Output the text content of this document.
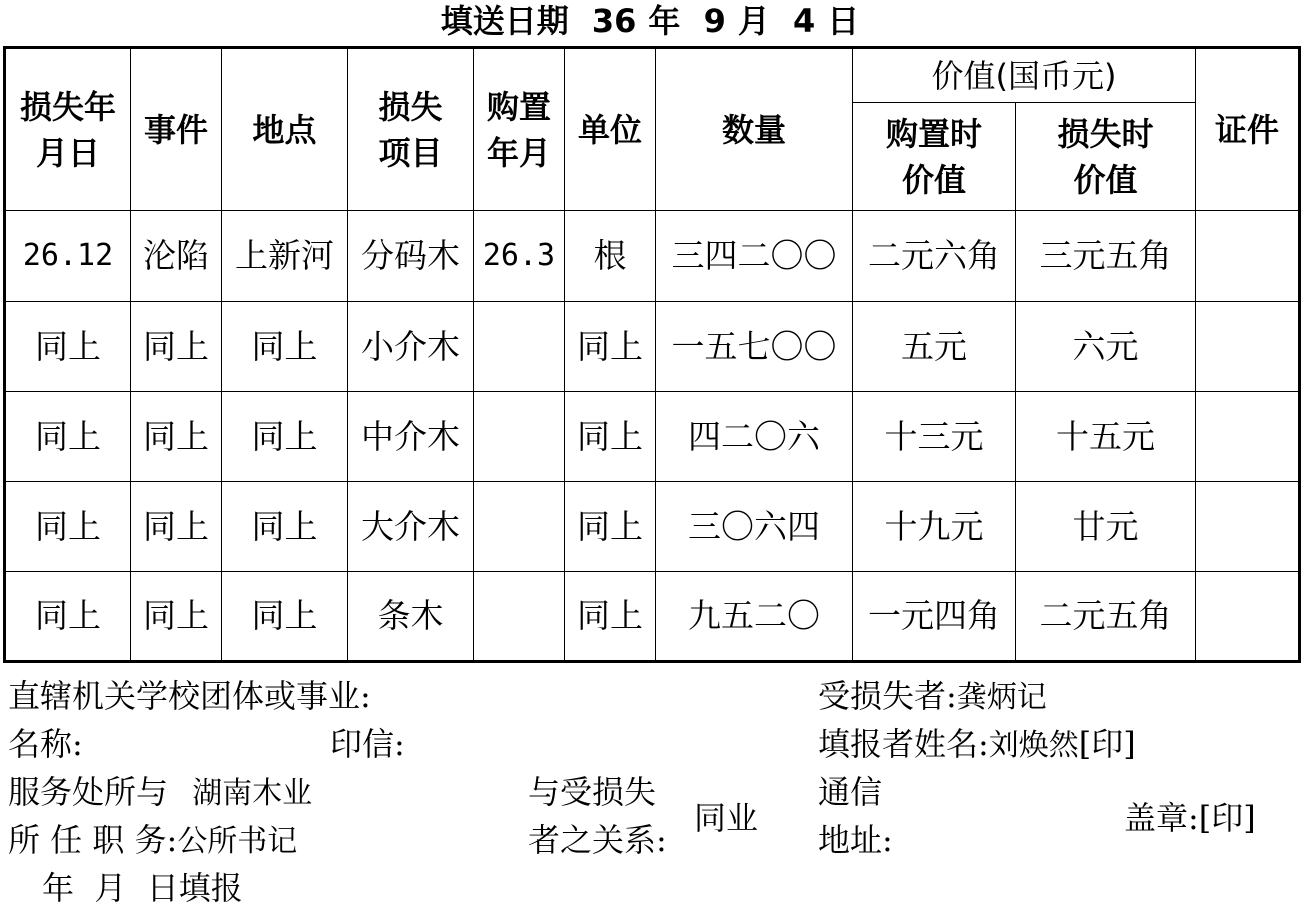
填送日期 36 年 9 月 4 日
损失年月日	事件	地点	损失项目	购置年月	单位	数量	价值(国币元)		证件

							购置时价值	损失时价值	

26.12	沦陷	上新河	分码木	26.3	根	三四二〇〇	二元六角	三元五角	
同上	同上	同上	小介木		同上	一五七〇〇	五元	六元	
同上	同上	同上	中介木		同上	四二〇六	十三元	十五元	
同上	同上	同上	大介木		同上	三〇六四	十九元	廿元	
同上	同上	同上	条木		同上	九五二〇	一元四角	二元五角	
直辖机关学校团体或事业:
名称:	印信:
服务处所与 湖南木业
所 任 职 务:公所书记
年  月  日填报
与受损失
者之关系:
同业
受损失者:龚炳记
填报者姓名:刘焕然[印]
通信
地址:
盖章:[印]
